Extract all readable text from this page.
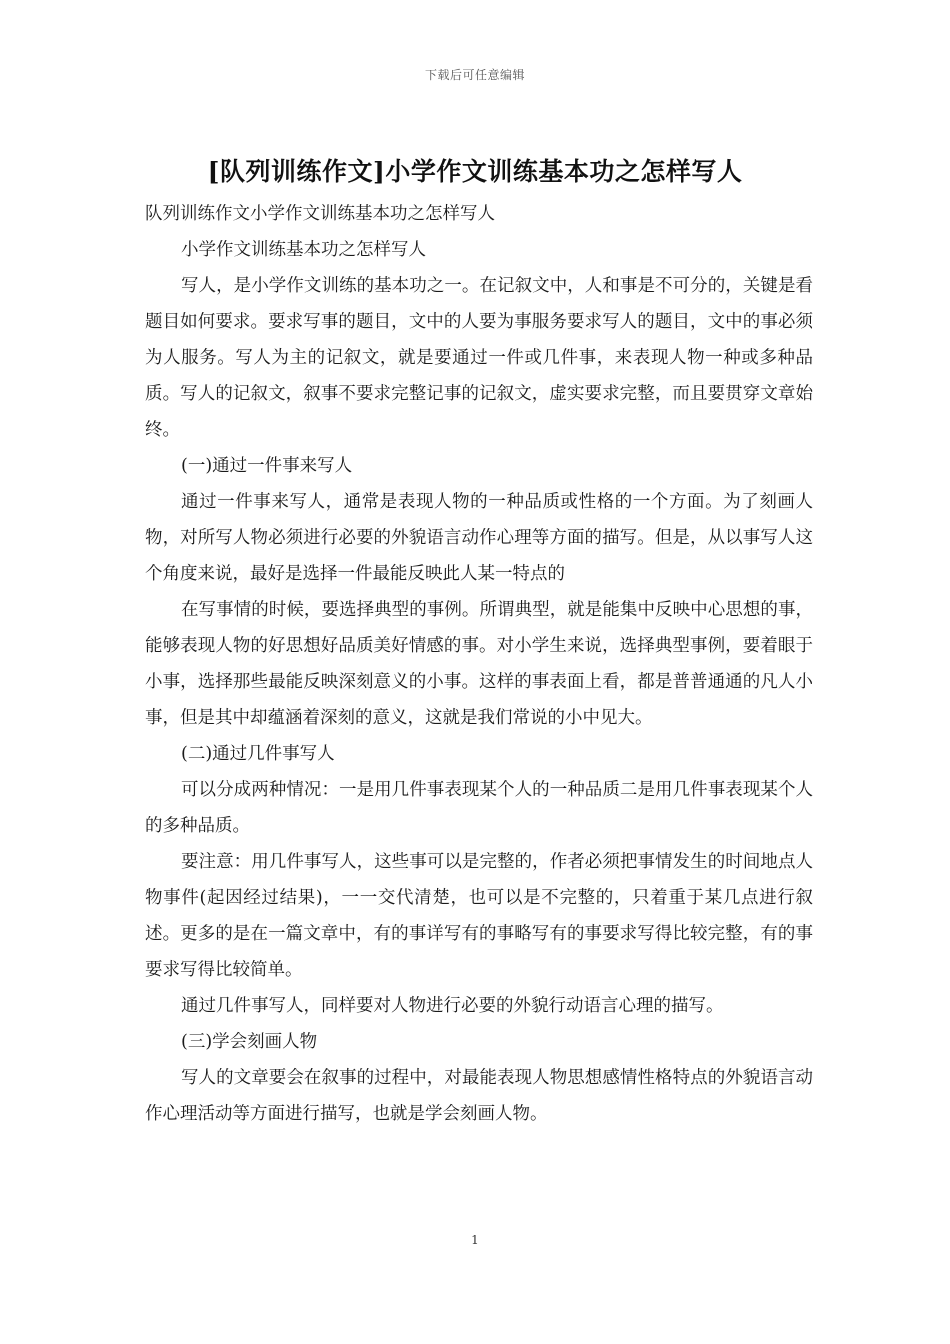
下载后可任意编辑
[队列训练作文]小学作文训练基本功之怎样写人

队列训练作文小学作文训练基本功之怎样写人

小学作文训练基本功之怎样写人

写人，是小学作文训练的基本功之一。在记叙文中，人和事是不可分的，关键是看题目如何要求。要求写事的题目，文中的人要为事服务要求写人的题目，文中的事必须为人服务。写人为主的记叙文，就是要通过一件或几件事，来表现人物一种或多种品质。写人的记叙文，叙事不要求完整记事的记叙文，虚实要求完整，而且要贯穿文章始终。

(一)通过一件事来写人

通过一件事来写人，通常是表现人物的一种品质或性格的一个方面。为了刻画人物，对所写人物必须进行必要的外貌语言动作心理等方面的描写。但是，从以事写人这个角度来说，最好是选择一件最能反映此人某一特点的

在写事情的时候，要选择典型的事例。所谓典型，就是能集中反映中心思想的事，能够表现人物的好思想好品质美好情感的事。对小学生来说，选择典型事例，要着眼于小事，选择那些最能反映深刻意义的小事。这样的事表面上看，都是普普通通的凡人小事，但是其中却蕴涵着深刻的意义，这就是我们常说的小中见大。

(二)通过几件事写人

可以分成两种情况：一是用几件事表现某个人的一种品质二是用几件事表现某个人的多种品质。

要注意：用几件事写人，这些事可以是完整的，作者必须把事情发生的时间地点人物事件(起因经过结果)，一一交代清楚，也可以是不完整的，只着重于某几点进行叙述。更多的是在一篇文章中，有的事详写有的事略写有的事要求写得比较完整，有的事要求写得比较简单。

通过几件事写人，同样要对人物进行必要的外貌行动语言心理的描写。

(三)学会刻画人物

写人的文章要会在叙事的过程中，对最能表现人物思想感情性格特点的外貌语言动作心理活动等方面进行描写，也就是学会刻画人物。

1
